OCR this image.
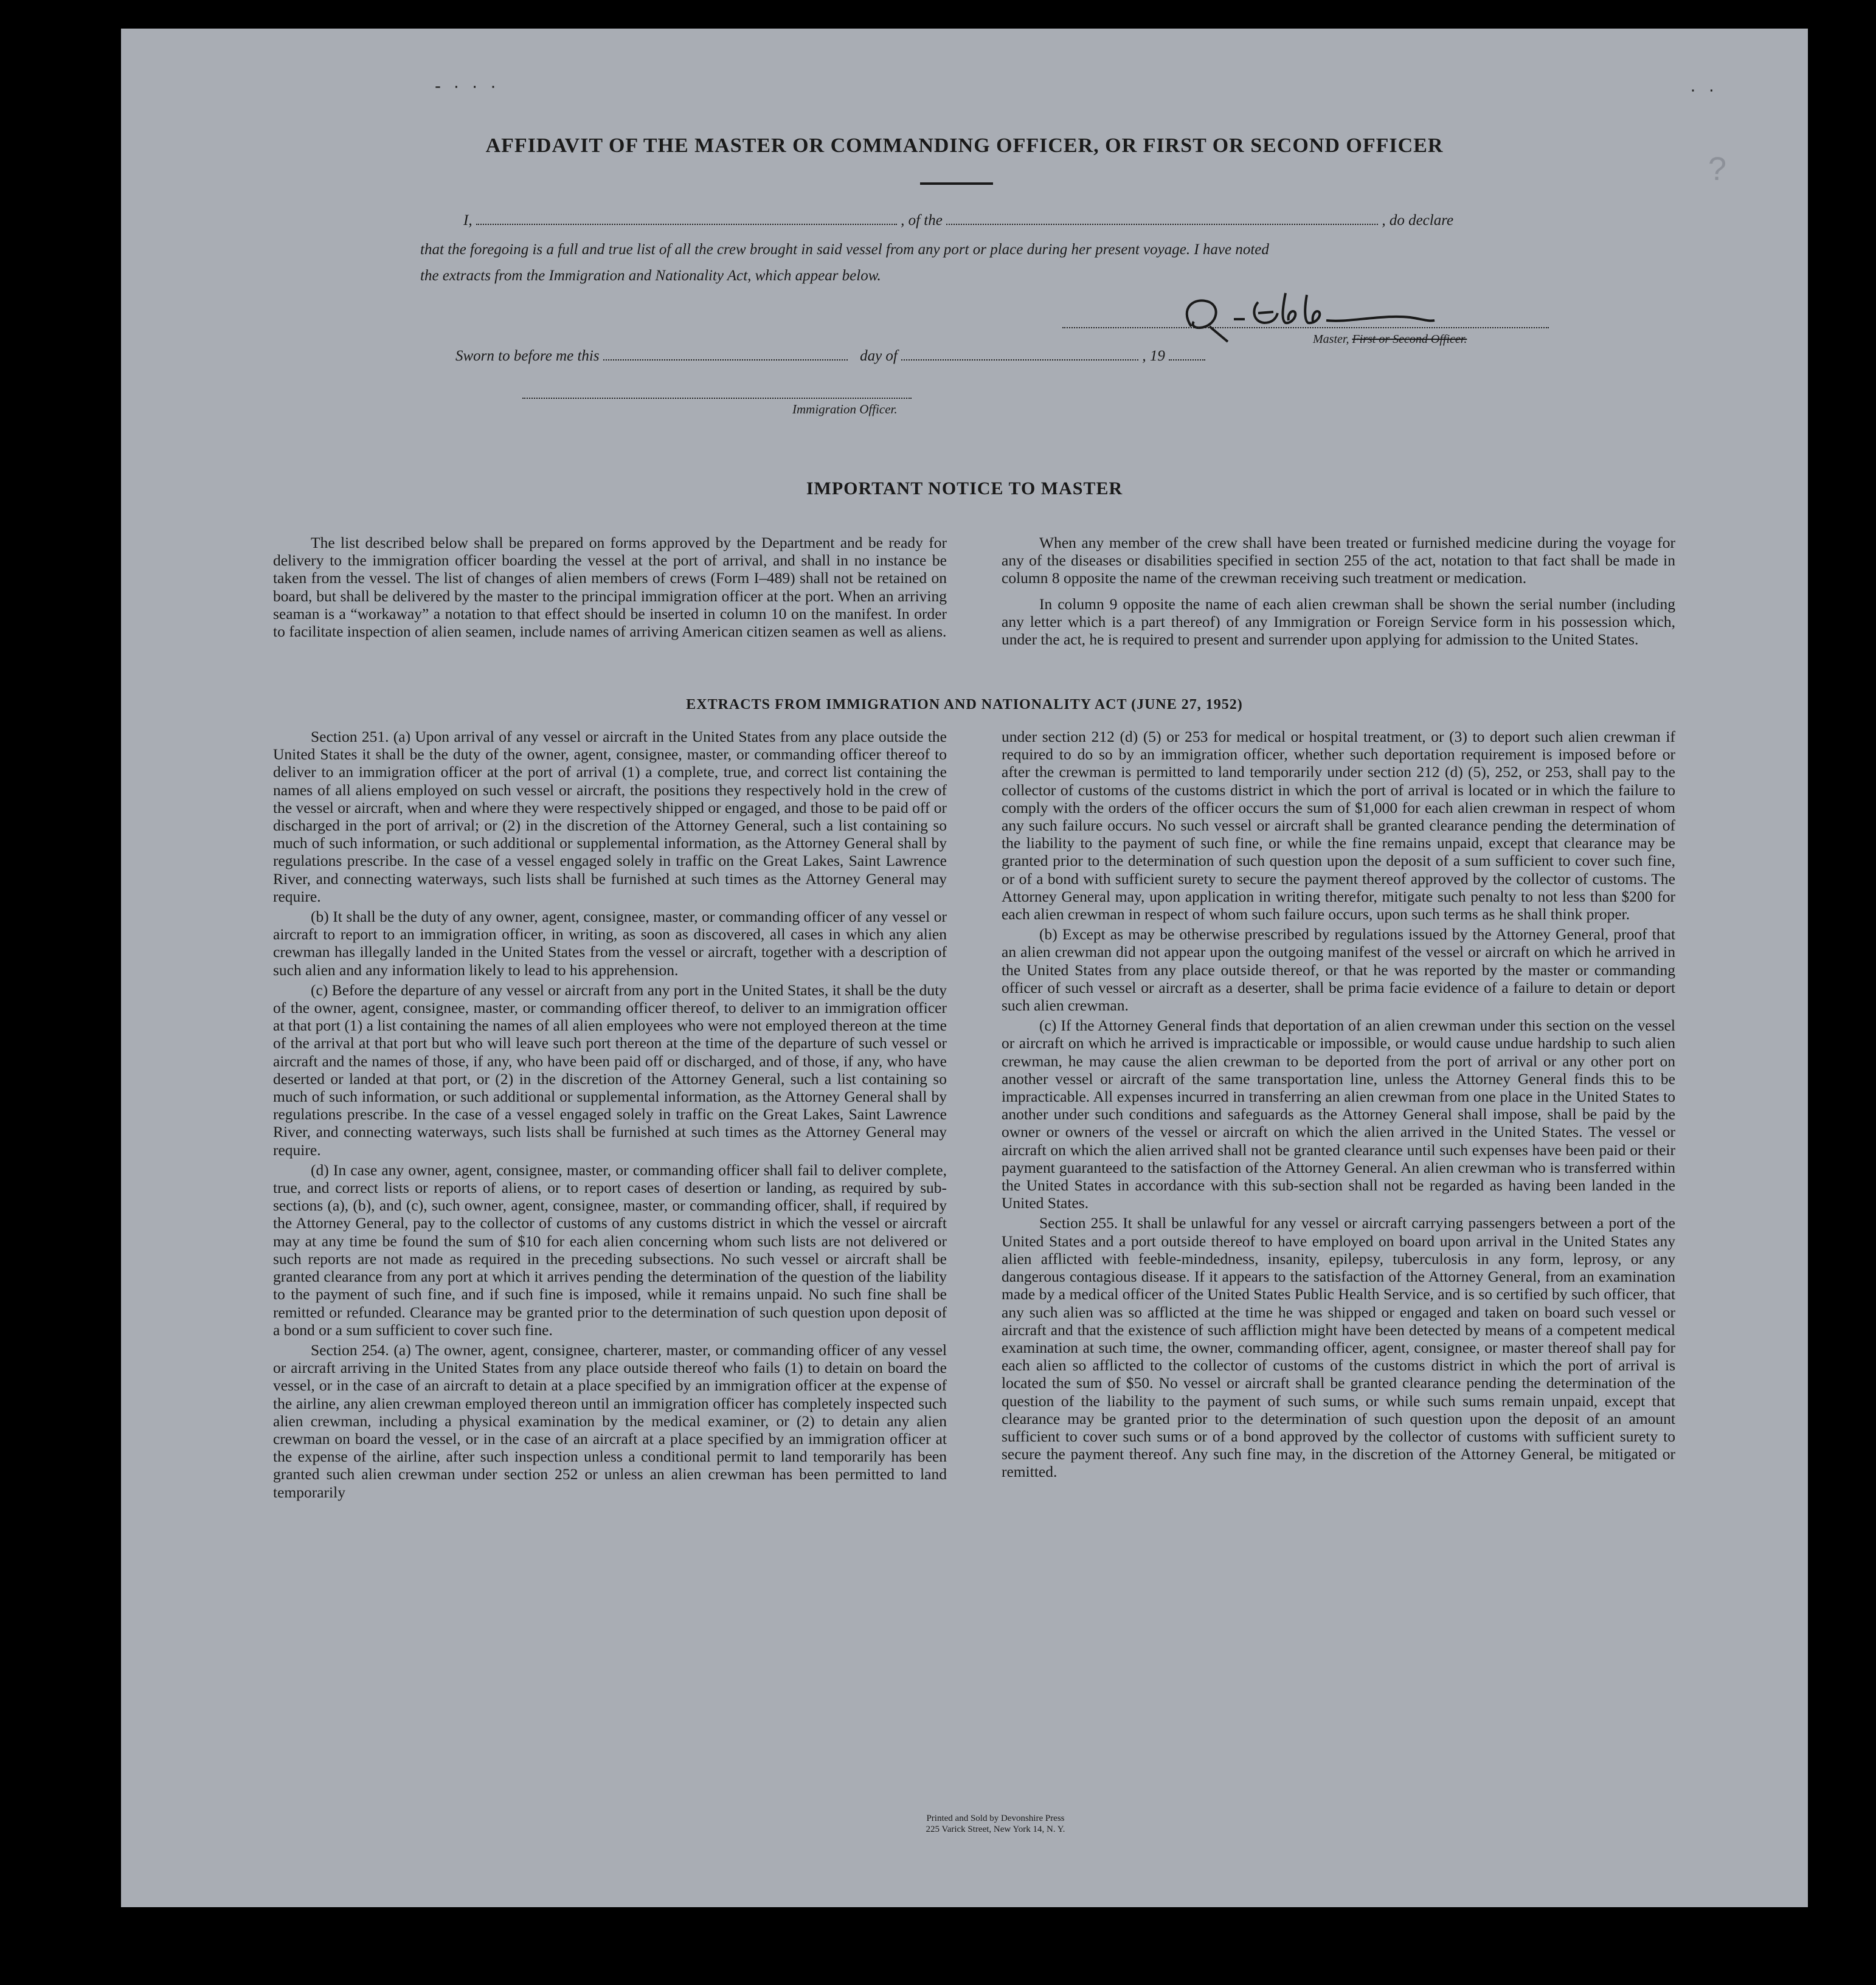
- · · ·	· ·
?
AFFIDAVIT OF THE MASTER OR COMMANDING OFFICER, OR FIRST OR SECOND OFFICER
I,	, of the	, do declare
that the foregoing is a full and true list of all the crew brought in said vessel from any port or place during her present voyage. I have noted
the extracts from the Immigration and Nationality Act, which appear below.
Master, First or Second Officer.
Sworn to before me this	day of	, 19
Immigration Officer.
IMPORTANT NOTICE TO MASTER

The list described below shall be prepared on forms approved by the Department and be ready for delivery to the immigration officer boarding the vessel at the port of arrival, and shall in no instance be taken from the vessel. The list of changes of alien members of crews (Form I–489) shall not be retained on board, but shall be delivered by the master to the principal immigration officer at the port. When an arriving seaman is a “workaway” a notation to that effect should be inserted in column 10 on the manifest. In order to facilitate inspection of alien seamen, include names of arriving American citizen seamen as well as aliens.

When any member of the crew shall have been treated or furnished medicine during the voyage for any of the diseases or disabilities specified in section 255 of the act, notation to that fact shall be made in column 8 opposite the name of the crewman receiving such treatment or medication.

In column 9 opposite the name of each alien crewman shall be shown the serial number (including any letter which is a part thereof) of any Immigration or Foreign Service form in his possession which, under the act, he is required to present and surrender upon applying for admission to the United States.

EXTRACTS FROM IMMIGRATION AND NATIONALITY ACT (JUNE 27, 1952)

Section 251. (a) Upon arrival of any vessel or aircraft in the United States from any place outside the United States it shall be the duty of the owner, agent, consignee, master, or commanding officer thereof to deliver to an immigration officer at the port of arrival (1) a complete, true, and correct list containing the names of all aliens employed on such vessel or aircraft, the positions they respectively hold in the crew of the vessel or aircraft, when and where they were respectively shipped or engaged, and those to be paid off or discharged in the port of arrival; or (2) in the discretion of the Attorney General, such a list containing so much of such information, or such additional or supplemental information, as the Attorney General shall by regulations prescribe. In the case of a vessel engaged solely in traffic on the Great Lakes, Saint Lawrence River, and connecting waterways, such lists shall be furnished at such times as the Attorney General may require.

(b) It shall be the duty of any owner, agent, consignee, master, or commanding officer of any vessel or aircraft to report to an immigration officer, in writing, as soon as discovered, all cases in which any alien crewman has illegally landed in the United States from the vessel or aircraft, together with a description of such alien and any information likely to lead to his apprehension.

(c) Before the departure of any vessel or aircraft from any port in the United States, it shall be the duty of the owner, agent, consignee, master, or commanding officer thereof, to deliver to an immigration officer at that port (1) a list containing the names of all alien employees who were not employed thereon at the time of the arrival at that port but who will leave such port thereon at the time of the departure of such vessel or aircraft and the names of those, if any, who have been paid off or discharged, and of those, if any, who have deserted or landed at that port, or (2) in the discretion of the Attorney General, such a list containing so much of such information, or such additional or supplemental information, as the Attorney General shall by regulations prescribe. In the case of a vessel engaged solely in traffic on the Great Lakes, Saint Lawrence River, and connecting waterways, such lists shall be furnished at such times as the Attorney General may require.

(d) In case any owner, agent, consignee, master, or commanding officer shall fail to deliver complete, true, and correct lists or reports of aliens, or to report cases of desertion or landing, as required by sub-sections (a), (b), and (c), such owner, agent, consignee, master, or commanding officer, shall, if required by the Attorney General, pay to the collector of customs of any customs district in which the vessel or aircraft may at any time be found the sum of $10 for each alien concerning whom such lists are not delivered or such reports are not made as required in the preceding subsections. No such vessel or aircraft shall be granted clearance from any port at which it arrives pending the determination of the question of the liability to the payment of such fine, and if such fine is imposed, while it remains unpaid. No such fine shall be remitted or refunded. Clearance may be granted prior to the determination of such question upon deposit of a bond or a sum sufficient to cover such fine.

Section 254. (a) The owner, agent, consignee, charterer, master, or commanding officer of any vessel or aircraft arriving in the United States from any place outside thereof who fails (1) to detain on board the vessel, or in the case of an aircraft to detain at a place specified by an immigration officer at the expense of the airline, any alien crewman employed thereon until an immigration officer has completely inspected such alien crewman, including a physical examination by the medical examiner, or (2) to detain any alien crewman on board the vessel, or in the case of an aircraft at a place specified by an immigration officer at the expense of the airline, after such inspection unless a conditional permit to land temporarily has been granted such alien crewman under section 252 or unless an alien crewman has been permitted to land temporarily

under section 212 (d) (5) or 253 for medical or hospital treatment, or (3) to deport such alien crewman if required to do so by an immigration officer, whether such deportation requirement is imposed before or after the crewman is permitted to land temporarily under section 212 (d) (5), 252, or 253, shall pay to the collector of customs of the customs district in which the port of arrival is located or in which the failure to comply with the orders of the officer occurs the sum of $1,000 for each alien crewman in respect of whom any such failure occurs. No such vessel or aircraft shall be granted clearance pending the determination of the liability to the payment of such fine, or while the fine remains unpaid, except that clearance may be granted prior to the determination of such question upon the deposit of a sum sufficient to cover such fine, or of a bond with sufficient surety to secure the payment thereof approved by the collector of customs. The Attorney General may, upon application in writing therefor, mitigate such penalty to not less than $200 for each alien crewman in respect of whom such failure occurs, upon such terms as he shall think proper.

(b) Except as may be otherwise prescribed by regulations issued by the Attorney General, proof that an alien crewman did not appear upon the outgoing manifest of the vessel or aircraft on which he arrived in the United States from any place outside thereof, or that he was reported by the master or commanding officer of such vessel or aircraft as a deserter, shall be prima facie evidence of a failure to detain or deport such alien crewman.

(c) If the Attorney General finds that deportation of an alien crewman under this section on the vessel or aircraft on which he arrived is impracticable or impossible, or would cause undue hardship to such alien crewman, he may cause the alien crewman to be deported from the port of arrival or any other port on another vessel or aircraft of the same transportation line, unless the Attorney General finds this to be impracticable. All expenses incurred in transferring an alien crewman from one place in the United States to another under such conditions and safeguards as the Attorney General shall impose, shall be paid by the owner or owners of the vessel or aircraft on which the alien arrived in the United States. The vessel or aircraft on which the alien arrived shall not be granted clearance until such expenses have been paid or their payment guaranteed to the satisfaction of the Attorney General. An alien crewman who is transferred within the United States in accordance with this sub-section shall not be regarded as having been landed in the United States.

Section 255. It shall be unlawful for any vessel or aircraft carrying passengers between a port of the United States and a port outside thereof to have employed on board upon arrival in the United States any alien afflicted with feeble-mindedness, insanity, epilepsy, tuberculosis in any form, leprosy, or any dangerous contagious disease. If it appears to the satisfaction of the Attorney General, from an examination made by a medical officer of the United States Public Health Service, and is so certified by such officer, that any such alien was so afflicted at the time he was shipped or engaged and taken on board such vessel or aircraft and that the existence of such affliction might have been detected by means of a competent medical examination at such time, the owner, commanding officer, agent, consignee, or master thereof shall pay for each alien so afflicted to the collector of customs of the customs district in which the port of arrival is located the sum of $50. No vessel or aircraft shall be granted clearance pending the determination of the question of the liability to the payment of such sums, or while such sums remain unpaid, except that clearance may be granted prior to the determination of such question upon the deposit of an amount sufficient to cover such sums or of a bond approved by the collector of customs with sufficient surety to secure the payment thereof. Any such fine may, in the discretion of the Attorney General, be mitigated or remitted.

Printed and Sold by Devonshire Press
225 Varick Street, New York 14, N. Y.
